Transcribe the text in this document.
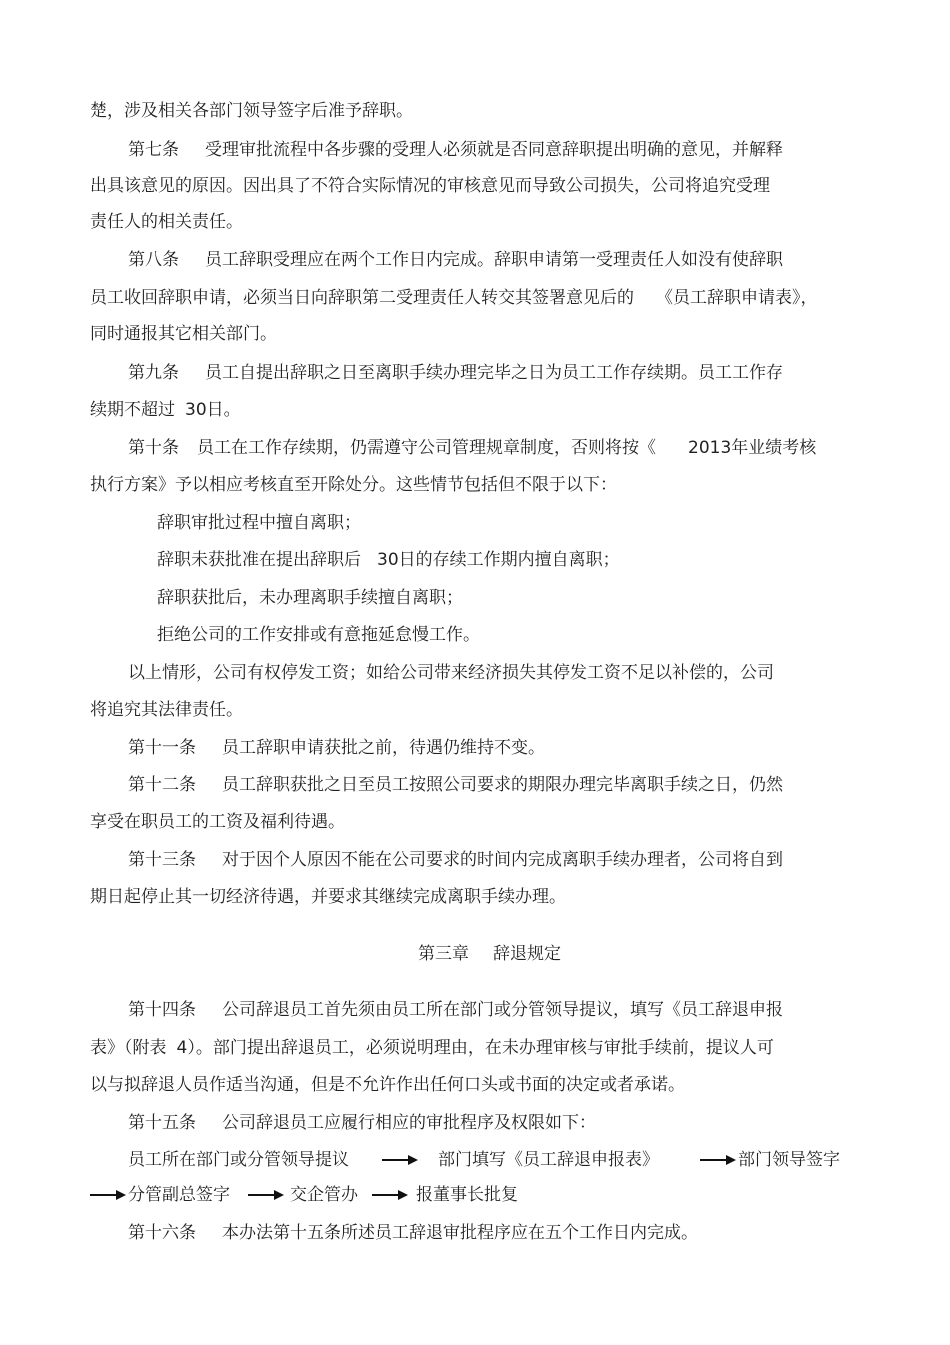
楚，涉及相关各部门领导签字后准予辞职。

第七条 受理审批流程中各步骤的受理人必须就是否同意辞职提出明确的意见，并解释

出具该意见的原因。因出具了不符合实际情况的审核意见而导致公司损失，公司将追究受理

责任人的相关责任。

第八条 员工辞职受理应在两个工作日内完成。辞职申请第一受理责任人如没有使辞职

员工收回辞职申请，必须当日向辞职第二受理责任人转交其签署意见后的 《员工辞职申请表》，

同时通报其它相关部门。

第九条 员工自提出辞职之日至离职手续办理完毕之日为员工工作存续期。员工工作存

续期不超过 30日。

第十条 员工在工作存续期，仍需遵守公司管理规章制度，否则将按《 2013年业绩考核

执行方案》予以相应考核直至开除处分。这些情节包括但不限于以下：

辞职审批过程中擅自离职；

辞职未获批准在提出辞职后 30日的存续工作期内擅自离职；

辞职获批后，未办理离职手续擅自离职；

拒绝公司的工作安排或有意拖延怠慢工作。

以上情形，公司有权停发工资；如给公司带来经济损失其停发工资不足以补偿的，公司

将追究其法律责任。

第十一条 员工辞职申请获批之前，待遇仍维持不变。

第十二条 员工辞职获批之日至员工按照公司要求的期限办理完毕离职手续之日，仍然

享受在职员工的工资及福利待遇。

第十三条 对于因个人原因不能在公司要求的时间内完成离职手续办理者，公司将自到

期日起停止其一切经济待遇，并要求其继续完成离职手续办理。

第三章 辞退规定

第十四条 公司辞退员工首先须由员工所在部门或分管领导提议，填写《员工辞退申报

表》（附表 4）。部门提出辞退员工，必须说明理由，在未办理审核与审批手续前，提议人可

以与拟辞退人员作适当沟通，但是不允许作出任何口头或书面的决定或者承诺。

第十五条 公司辞退员工应履行相应的审批程序及权限如下：

员工所在部门或分管领导提议	部门填写《员工辞退申报表》	部门领导签字

分管副总签字	交企管办	报董事长批复

第十六条 本办法第十五条所述员工辞退审批程序应在五个工作日内完成。
